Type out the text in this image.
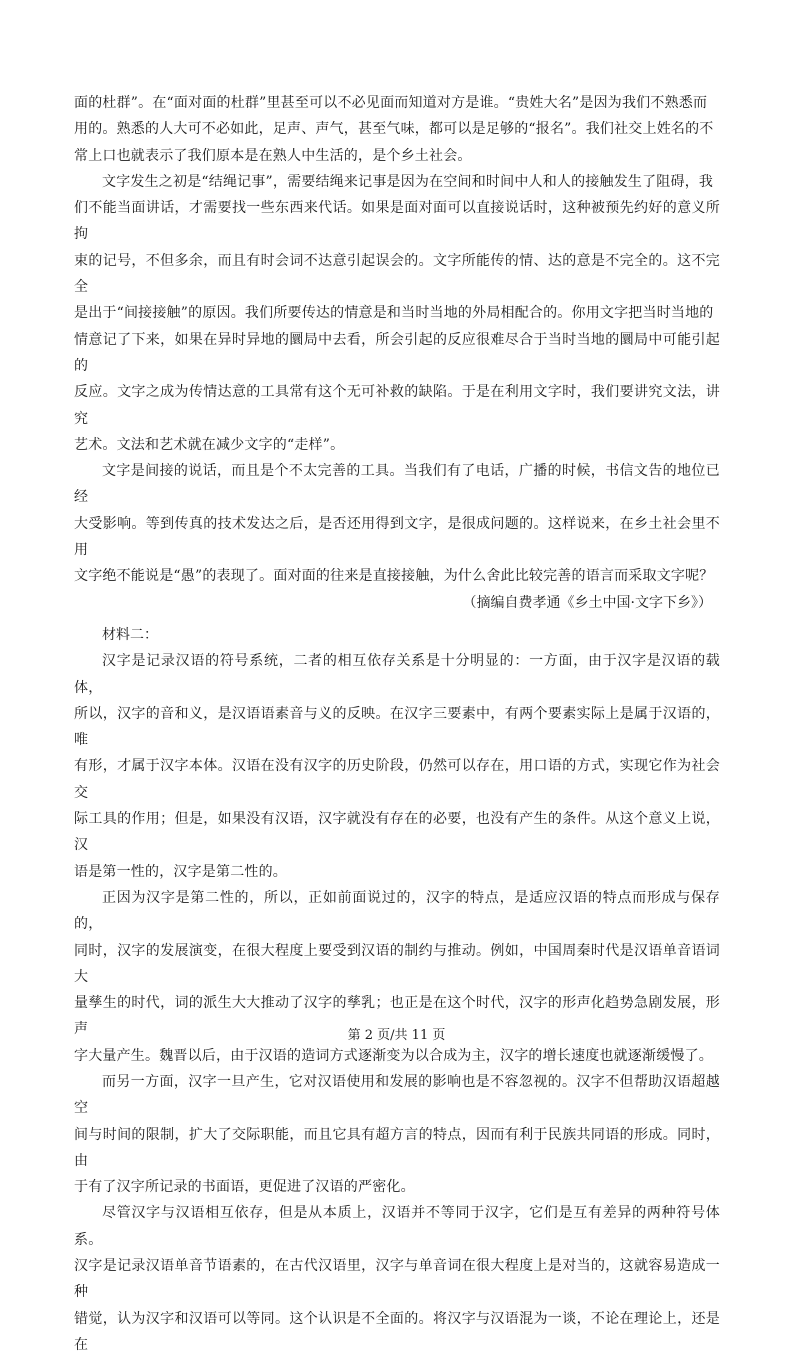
面的杜群”。在“面对面的杜群”里甚至可以不必见面而知道对方是谁。“贵姓大名”是因为我们不熟悉而
用的。熟悉的人大可不必如此，足声、声气，甚至气味，都可以是足够的“报名”。我们社交上姓名的不
常上口也就表示了我们原本是在熟人中生活的，是个乡土社会。

文字发生之初是“结绳记事”，需要结绳来记事是因为在空间和时间中人和人的接触发生了阻碍，我
们不能当面讲话，才需要找一些东西来代话。如果是面对面可以直接说话时，这种被预先约好的意义所拘
束的记号，不但多余，而且有时会词不达意引起误会的。文字所能传的情、达的意是不完全的。这不完全
是出于“间接接触”的原因。我们所要传达的情意是和当时当地的外局相配合的。你用文字把当时当地的
情意记了下来，如果在异时异地的圜局中去看，所会引起的反应很难尽合于当时当地的圜局中可能引起的
反应。文字之成为传情达意的工具常有这个无可补救的缺陷。于是在利用文字时，我们要讲究文法，讲究
艺术。文法和艺术就在减少文字的“走样”。

文字是间接的说话，而且是个不太完善的工具。当我们有了电话，广播的时候，书信文告的地位已经
大受影响。等到传真的技术发达之后，是否还用得到文字，是很成问题的。这样说来，在乡土社会里不用
文字绝不能说是“愚”的表现了。面对面的往来是直接接触，为什么舍此比较完善的语言而采取文字呢？

（摘编自费孝通《乡土中国·文字下乡》）

材料二：

汉字是记录汉语的符号系统，二者的相互依存关系是十分明显的：一方面，由于汉字是汉语的载体，
所以，汉字的音和义，是汉语语素音与义的反映。在汉字三要素中，有两个要素实际上是属于汉语的，唯
有形，才属于汉字本体。汉语在没有汉字的历史阶段，仍然可以存在，用口语的方式，实现它作为社会交
际工具的作用；但是，如果没有汉语，汉字就没有存在的必要，也没有产生的条件。从这个意义上说，汉
语是第一性的，汉字是第二性的。

正因为汉字是第二性的，所以，正如前面说过的，汉字的特点，是适应汉语的特点而形成与保存的，
同时，汉字的发展演变，在很大程度上要受到汉语的制约与推动。例如，中国周秦时代是汉语单音语词大
量孳生的时代，词的派生大大推动了汉字的孳乳；也正是在这个时代，汉字的形声化趋势急剧发展，形声
字大量产生。魏晋以后，由于汉语的造词方式逐渐变为以合成为主，汉字的增长速度也就逐渐缓慢了。

而另一方面，汉字一旦产生，它对汉语使用和发展的影响也是不容忽视的。汉字不但帮助汉语超越空
间与时间的限制，扩大了交际职能，而且它具有超方言的特点，因而有利于民族共同语的形成。同时，由
于有了汉字所记录的书面语，更促进了汉语的严密化。

尽管汉字与汉语相互依存，但是从本质上，汉语并不等同于汉字，它们是互有差异的两种符号体系。
汉字是记录汉语单音节语素的，在古代汉语里，汉字与单音词在很大程度上是对当的，这就容易造成一种
错觉，认为汉字和汉语可以等同。这个认识是不全面的。将汉字与汉语混为一谈，不论在理论上，还是在

第 2 页/共 11 页
